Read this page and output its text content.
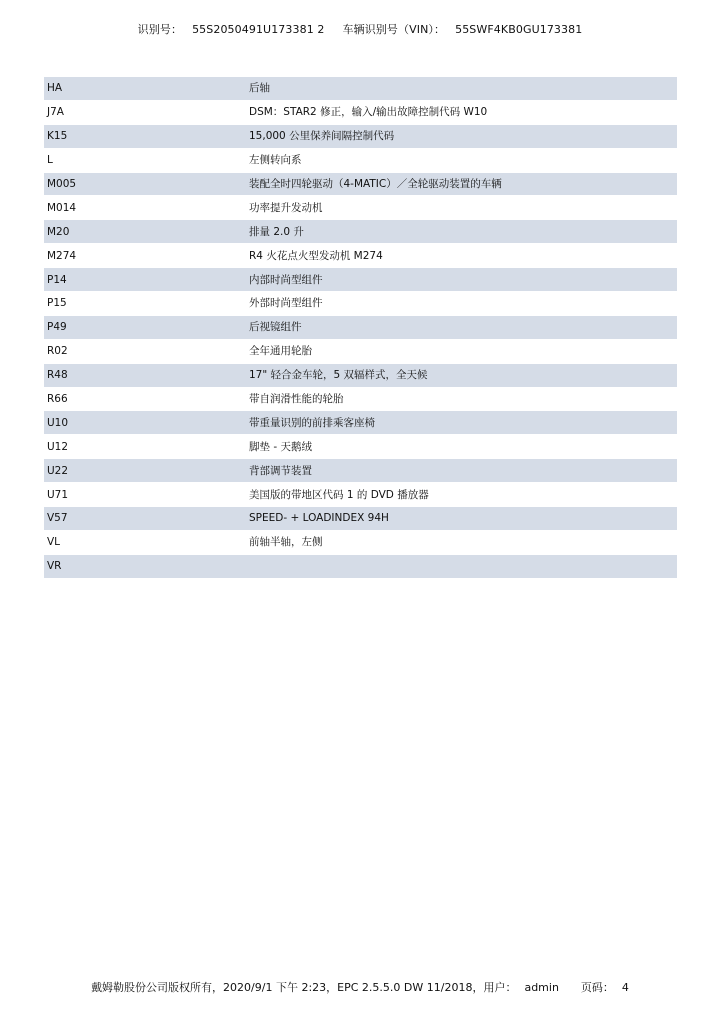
识别号： 55S2050491U173381 2 车辆识别号（VIN）： 55SWF4KB0GU173381
HA	后轴
J7A	DSM：STAR2 修正，输入/输出故障控制代码 W10
K15	15,000 公里保养间隔控制代码
L	左侧转向系
M005	装配全时四轮驱动（4-MATIC）／全轮驱动装置的车辆
M014	功率提升发动机
M20	排量 2.0 升
M274	R4 火花点火型发动机 M274
P14	内部时尚型组件
P15	外部时尚型组件
P49	后视镜组件
R02	全年通用轮胎
R48	17" 轻合金车轮，5 双辐样式，全天候
R66	带自润滑性能的轮胎
U10	带重量识别的前排乘客座椅
U12	脚垫 - 天鹅绒
U22	背部调节装置
U71	美国版的带地区代码 1 的 DVD 播放器
V57	SPEED- + LOADINDEX 94H
VL	前轴半轴，左侧
VR	
戴姆勒股份公司版权所有，2020/9/1 下午 2:23，EPC 2.5.5.0 DW 11/2018，用户： admin 页码： 4
